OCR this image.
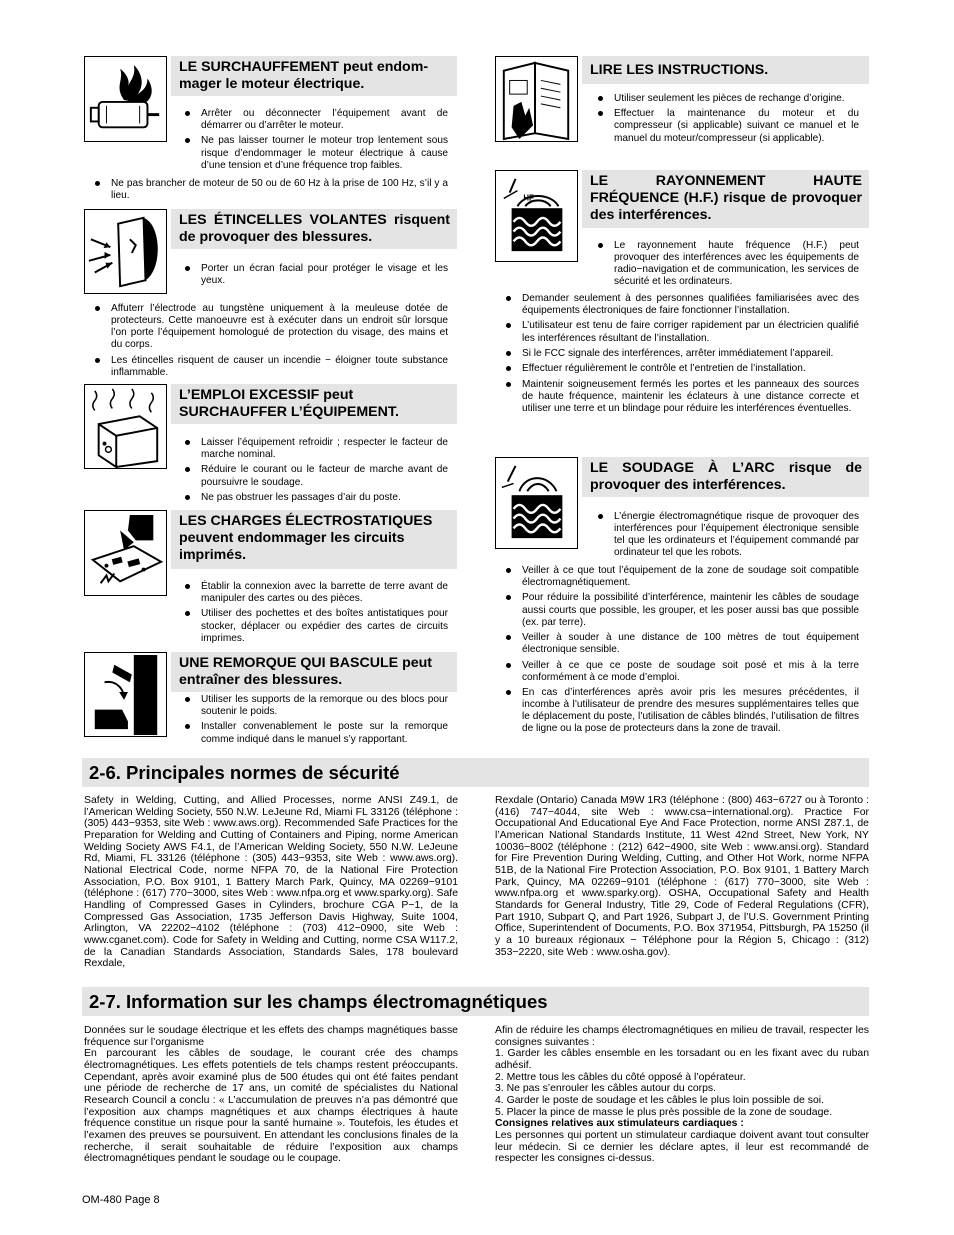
LE SURCHAUFFEMENT peut endom-mager le moteur électrique.
Arrêter ou déconnecter l’équipement avant de démarrer ou d’arrêter le moteur.
Ne pas laisser tourner le moteur trop lentement sous risque d’endommager le moteur électrique à cause d’une tension et d’une fréquence trop faibles.
Ne pas brancher de moteur de 50 ou de 60 Hz à la prise de 100 Hz, s’il y a lieu.
LES ÉTINCELLES VOLANTES risquent de provoquer des blessures.
Porter un écran facial pour protéger le visage et les yeux.
Affuterr l’électrode au tungstène uniquement à la meuleuse dotée de protecteurs. Cette manoeuvre est à exécuter dans un endroit sûr lorsque l’on porte l’équipement homologué de protection du visage, des mains et du corps.
Les étincelles risquent de causer un incendie − éloigner toute substance inflammable.
L’EMPLOI EXCESSIF peut SURCHAUFFER L’ÉQUIPEMENT.
Laisser l’équipement refroidir ; respecter le facteur de marche nominal.
Réduire le courant ou le facteur de marche avant de poursuivre le soudage.
Ne pas obstruer les passages d’air du poste.
LES CHARGES ÉLECTROSTATIQUES peuvent endommager les circuits imprimés.
Établir la connexion avec la barrette de terre avant de manipuler des cartes ou des pièces.
Utiliser des pochettes et des boîtes antistatiques pour stocker, déplacer ou expédier des cartes de circuits imprimes.
UNE REMORQUE QUI BASCULE peut entraîner des blessures.
Utiliser les supports de la remorque ou des blocs pour soutenir le poids.
Installer convenablement le poste sur la remorque comme indiqué dans le manuel s’y rapportant.
LIRE LES INSTRUCTIONS.
Utiliser seulement les pièces de rechange d’origine.
Effectuer la maintenance du moteur et du compresseur (si applicable) suivant ce manuel et le manuel du moteur/compresseur (si applicable).
HF
LE RAYONNEMENT HAUTE FRÉQUENCE (H.F.) risque de provoquer des interférences.
Le rayonnement haute fréquence (H.F.) peut provoquer des interférences avec les équipements de radio−navigation et de communication, les services de sécurité et les ordinateurs.
Demander seulement à des personnes qualifiées familiarisées avec des équipements électroniques de faire fonctionner l’installation.
L’utilisateur est tenu de faire corriger rapidement par un électricien qualifié les interférences résultant de l’installation.
Si le FCC signale des interférences, arrêter immédiatement l’appareil.
Effectuer régulièrement le contrôle et l’entretien de l’installation.
Maintenir soigneusement fermés les portes et les panneaux des sources de haute fréquence, maintenir les éclateurs à une distance correcte et utiliser une terre et un blindage pour réduire les interférences éventuelles.
LE SOUDAGE À L’ARC risque de provoquer des interférences.
L’énergie électromagnétique risque de provoquer des interférences pour l’équipement électronique sensible tel que les ordinateurs et l’équipement commandé par ordinateur tel que les robots.
Veiller à ce que tout l’équipement de la zone de soudage soit compatible électromagnétiquement.
Pour réduire la possibilité d’interférence, maintenir les câbles de soudage aussi courts que possible, les grouper, et les poser aussi bas que possible (ex. par terre).
Veiller à souder à une distance de 100 mètres de tout équipement électronique sensible.
Veiller à ce que ce poste de soudage soit posé et mis à la terre conformément à ce mode d’emploi.
En cas d’interférences après avoir pris les mesures précédentes, il incombe à l’utilisateur de prendre des mesures supplémentaires telles que le déplacement du poste, l’utilisation de câbles blindés, l’utilisation de filtres de ligne ou la pose de protecteurs dans la zone de travail.
2-6. Principales normes de sécurité

Safety in Welding, Cutting, and Allied Processes, norme ANSI Z49.1, de l’American Welding Society, 550 N.W. LeJeune Rd, Miami FL 33126 (téléphone : (305) 443−9353, site Web : www.aws.org). Recommended Safe Practices for the Preparation for Welding and Cutting of Containers and Piping, norme American Welding Society AWS F4.1, de l’American Welding Society, 550 N.W. LeJeune Rd, Miami, FL 33126 (téléphone : (305) 443−9353, site Web : www.aws.org). National Electrical Code, norme NFPA 70, de la National Fire Protection Association, P.O. Box 9101, 1 Battery March Park, Quincy, MA 02269−9101 (téléphone : (617) 770−3000, sites Web : www.nfpa.org et www.sparky.org). Safe Handling of Compressed Gases in Cylinders, brochure CGA P−1, de la Compressed Gas Association, 1735 Jefferson Davis Highway, Suite 1004, Arlington, VA 22202−4102 (téléphone : (703) 412−0900, site Web : www.cganet.com). Code for Safety in Welding and Cutting, norme CSA W117.2, de la Canadian Standards Association, Standards Sales, 178 boulevard Rexdale,

Rexdale (Ontario) Canada M9W 1R3 (téléphone : (800) 463−6727 ou à Toronto : (416) 747−4044, site Web : www.csa−international.org). Practice For Occupational And Educational Eye And Face Protection, norme ANSI Z87.1, de l’American National Standards Institute, 11 West 42nd Street, New York, NY 10036−8002 (téléphone : (212) 642−4900, site Web : www.ansi.org). Standard for Fire Prevention During Welding, Cutting, and Other Hot Work, norme NFPA 51B, de la National Fire Protection Association, P.O. Box 9101, 1 Battery March Park, Quincy, MA 02269−9101 (téléphone : (617) 770−3000, site Web : www.nfpa.org et www.sparky.org). OSHA, Occupational Safety and Health Standards for General Industry, Title 29, Code of Federal Regulations (CFR), Part 1910, Subpart Q, and Part 1926, Subpart J, de l’U.S. Government Printing Office, Superintendent of Documents, P.O. Box 371954, Pittsburgh, PA 15250 (il y a 10 bureaux régionaux − Téléphone pour la Région 5, Chicago : (312) 353−2220, site Web : www.osha.gov).

2-7. Information sur les champs électromagnétiques

Données sur le soudage électrique et les effets des champs magnétiques basse fréquence sur l’organisme

En parcourant les câbles de soudage, le courant crée des champs électromagnétiques. Les effets potentiels de tels champs restent préoccupants. Cependant, après avoir examiné plus de 500 études qui ont été faites pendant une période de recherche de 17 ans, un comité de spécialistes du National Research Council a conclu : « L’accumulation de preuves n’a pas démontré que l’exposition aux champs magnétiques et aux champs électriques à haute fréquence constitue un risque pour la santé humaine ». Toutefois, les études et l’examen des preuves se poursuivent. En attendant les conclusions finales de la recherche, il serait souhaitable de réduire l’exposition aux champs électromagnétiques pendant le soudage ou le coupage.

Afin de réduire les champs électromagnétiques en milieu de travail, respecter les consignes suivantes :

1. Garder les câbles ensemble en les torsadant ou en les fixant avec du ruban adhésif.

2. Mettre tous les câbles du côté opposé à l’opérateur.

3. Ne pas s’enrouler les câbles autour du corps.

4. Garder le poste de soudage et les câbles le plus loin possible de soi.

5. Placer la pince de masse le plus près possible de la zone de soudage.

Consignes relatives aux stimulateurs cardiaques :

Les personnes qui portent un stimulateur cardiaque doivent avant tout consulter leur médecin. Si ce dernier les déclare aptes, il leur est recommandé de respecter les consignes ci-dessus.

OM-480 Page 8
